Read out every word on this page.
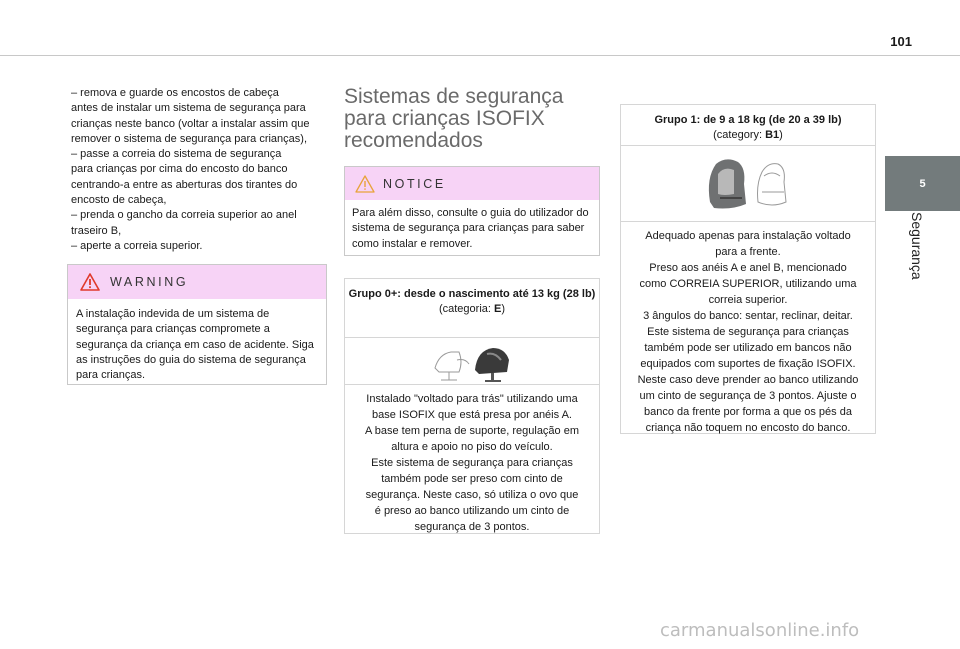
101
5
Segurança

– remova e guarde os encostos de cabeça
antes de instalar um sistema de segurança para
crianças neste banco (voltar a instalar assim que
remover o sistema de segurança para crianças),
– passe a correia do sistema de segurança
para crianças por cima do encosto do banco
centrando-a entre as aberturas dos tirantes do
encosto de cabeça,
– prenda o gancho da correia superior ao anel
traseiro B,
– aperte a correia superior.

WARNING
A instalação indevida de um sistema de segurança para crianças compromete a segurança da criança em caso de acidente. Siga as instruções do guia do sistema de segurança para crianças.
Sistemas de segurança para crianças ISOFIX recomendados
NOTICE
Para além disso, consulte o guia do utilizador do sistema de segurança para crianças para saber como instalar e remover.
Grupo 0+: desde o nascimento até 13 kg (28 lb)
(categoria: E)
Instalado "voltado para trás" utilizando uma
base ISOFIX que está presa por anéis A.
A base tem perna de suporte, regulação em
altura e apoio no piso do veículo.
Este sistema de segurança para crianças
também pode ser preso com cinto de
segurança. Neste caso, só utiliza o ovo que
é preso ao banco utilizando um cinto de
segurança de 3 pontos.
Grupo 1: de 9 a 18 kg (de 20 a 39 lb)
(category: B1)
Adequado apenas para instalação voltado
para a frente.
Preso aos anéis A e anel B, mencionado
como CORREIA SUPERIOR, utilizando uma
correia superior.
3 ângulos do banco: sentar, reclinar, deitar.
Este sistema de segurança para crianças
também pode ser utilizado em bancos não
equipados com suportes de fixação ISOFIX.
Neste caso deve prender ao banco utilizando
um cinto de segurança de 3 pontos. Ajuste o
banco da frente por forma a que os pés da
criança não toquem no encosto do banco.
carmanualsonline.info
